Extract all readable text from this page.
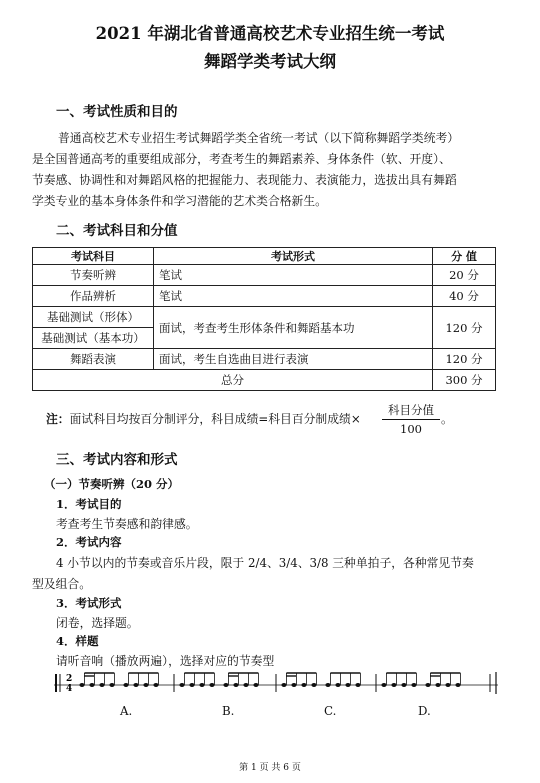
2021 年湖北省普通高校艺术专业招生统一考试
舞蹈学类考试大纲
一、考试性质和目的
普通高校艺术专业招生考试舞蹈学类全省统一考试（以下简称舞蹈学类统考）
是全国普通高考的重要组成部分，考查考生的舞蹈素养、身体条件（软、开度）、
节奏感、协调性和对舞蹈风格的把握能力、表现能力、表演能力，选拔出具有舞蹈
学类专业的基本身体条件和学习潜能的艺术类合格新生。
二、考试科目和分值
考试科目	考试形式	分 值
节奏听辨	笔试	20 分
作品辨析	笔试	40 分
基础测试（形体）	面试，考查考生形体条件和舞蹈基本功	120 分
基础测试（基本功）		
舞蹈表演	面试，考生自选曲目进行表演	120 分
总分		300 分
注：面试科目均按百分制评分，科目成绩=科目百分制成绩×
科目分值
100
。
三、考试内容和形式
（一）节奏听辨（20 分）
1．考试目的
考查考生节奏感和韵律感。
2．考试内容
4 小节以内的节奏或音乐片段，限于 2/4、3/4、3/8 三种单拍子，各种常见节奏
型及组合。
3．考试形式
闭卷，选择题。
4．样题
请听音响（播放两遍），选择对应的节奏型
2
4
A.	B.	C.	D.
第 1 页 共 6 页
